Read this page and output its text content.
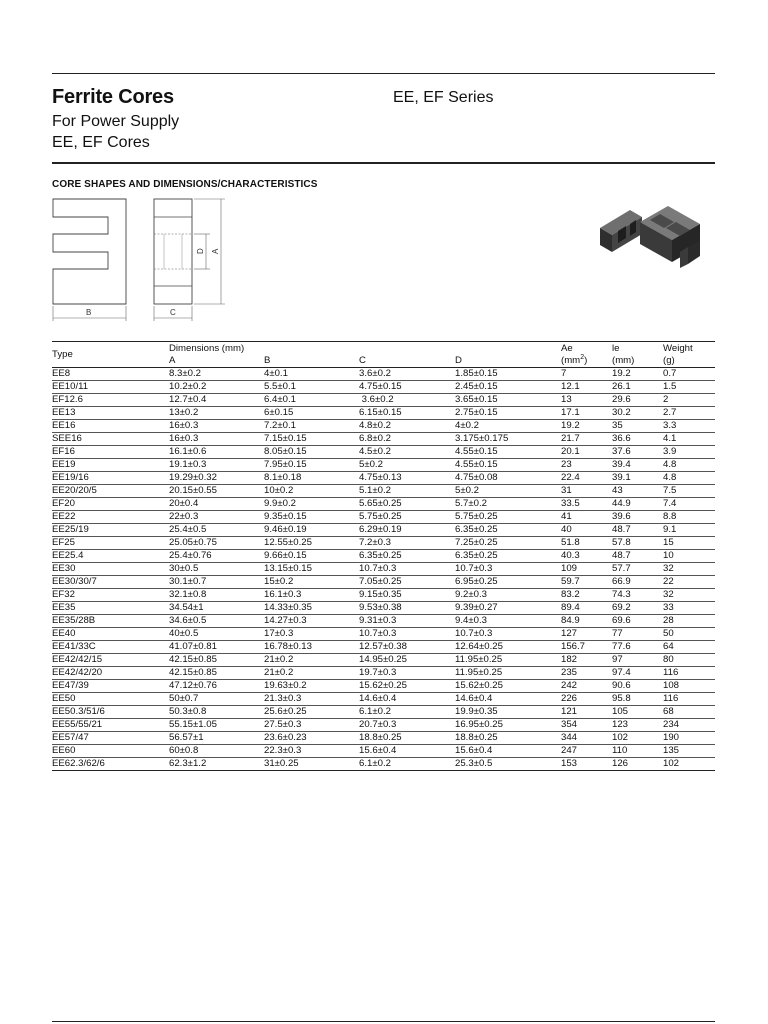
Ferrite Cores
For Power Supply
EE, EF Cores
EE, EF Series
CORE SHAPES AND DIMENSIONS/CHARACTERISTICS
B	C
D A
Type	Dimensions (mm)				Ae	le	Weight
	A	B	C	D	$(mm^2)$	(mm)	(g)
EE8	8.3±0.2	4±0.1	3.6±0.2	1.85±0.15	7	19.2	0.7
EE10/11	10.2±0.2	5.5±0.1	4.75±0.15	2.45±0.15	12.1	26.1	1.5
EF12.6	12.7±0.4	6.4±0.1	3.6±0.2	3.65±0.15	13	29.6	2
EE13	13±0.2	6±0.15	6.15±0.15	2.75±0.15	17.1	30.2	2.7
EE16	16±0.3	7.2±0.1	4.8±0.2	4±0.2	19.2	35	3.3
SEE16	16±0.3	7.15±0.15	6.8±0.2	3.175±0.175	21.7	36.6	4.1
EF16	16.1±0.6	8.05±0.15	4.5±0.2	4.55±0.15	20.1	37.6	3.9
EE19	19.1±0.3	7.95±0.15	5±0.2	4.55±0.15	23	39.4	4.8
EE19/16	19.29±0.32	8.1±0.18	4.75±0.13	4.75±0.08	22.4	39.1	4.8
EE20/20/5	20.15±0.55	10±0.2	5.1±0.2	5±0.2	31	43	7.5
EF20	20±0.4	9.9±0.2	5.65±0.25	5.7±0.2	33.5	44.9	7.4
EE22	22±0.3	9.35±0.15	5.75±0.25	5.75±0.25	41	39.6	8.8
EE25/19	25.4±0.5	9.46±0.19	6.29±0.19	6.35±0.25	40	48.7	9.1
EF25	25.05±0.75	12.55±0.25	7.2±0.3	7.25±0.25	51.8	57.8	15
EE25.4	25.4±0.76	9.66±0.15	6.35±0.25	6.35±0.25	40.3	48.7	10
EE30	30±0.5	13.15±0.15	10.7±0.3	10.7±0.3	109	57.7	32
EE30/30/7	30.1±0.7	15±0.2	7.05±0.25	6.95±0.25	59.7	66.9	22
EF32	32.1±0.8	16.1±0.3	9.15±0.35	9.2±0.3	83.2	74.3	32
EE35	34.54±1	14.33±0.35	9.53±0.38	9.39±0.27	89.4	69.2	33
EE35/28B	34.6±0.5	14.27±0.3	9.31±0.3	9.4±0.3	84.9	69.6	28
EE40	40±0.5	17±0.3	10.7±0.3	10.7±0.3	127	77	50
EE41/33C	41.07±0.81	16.78±0.13	12.57±0.38	12.64±0.25	156.7	77.6	64
EE42/42/15	42.15±0.85	21±0.2	14.95±0.25	11.95±0.25	182	97	80
EE42/42/20	42.15±0.85	21±0.2	19.7±0.3	11.95±0.25	235	97.4	116
EE47/39	47.12±0.76	19.63±0.2	15.62±0.25	15.62±0.25	242	90.6	108
EE50	50±0.7	21.3±0.3	14.6±0.4	14.6±0.4	226	95.8	116
EE50.3/51/6	50.3±0.8	25.6±0.25	6.1±0.2	19.9±0.35	121	105	68
EE55/55/21	55.15±1.05	27.5±0.3	20.7±0.3	16.95±0.25	354	123	234
EE57/47	56.57±1	23.6±0.23	18.8±0.25	18.8±0.25	344	102	190
EE60	60±0.8	22.3±0.3	15.6±0.4	15.6±0.4	247	110	135
EE62.3/62/6	62.3±1.2	31±0.25	6.1±0.2	25.3±0.5	153	126	102
